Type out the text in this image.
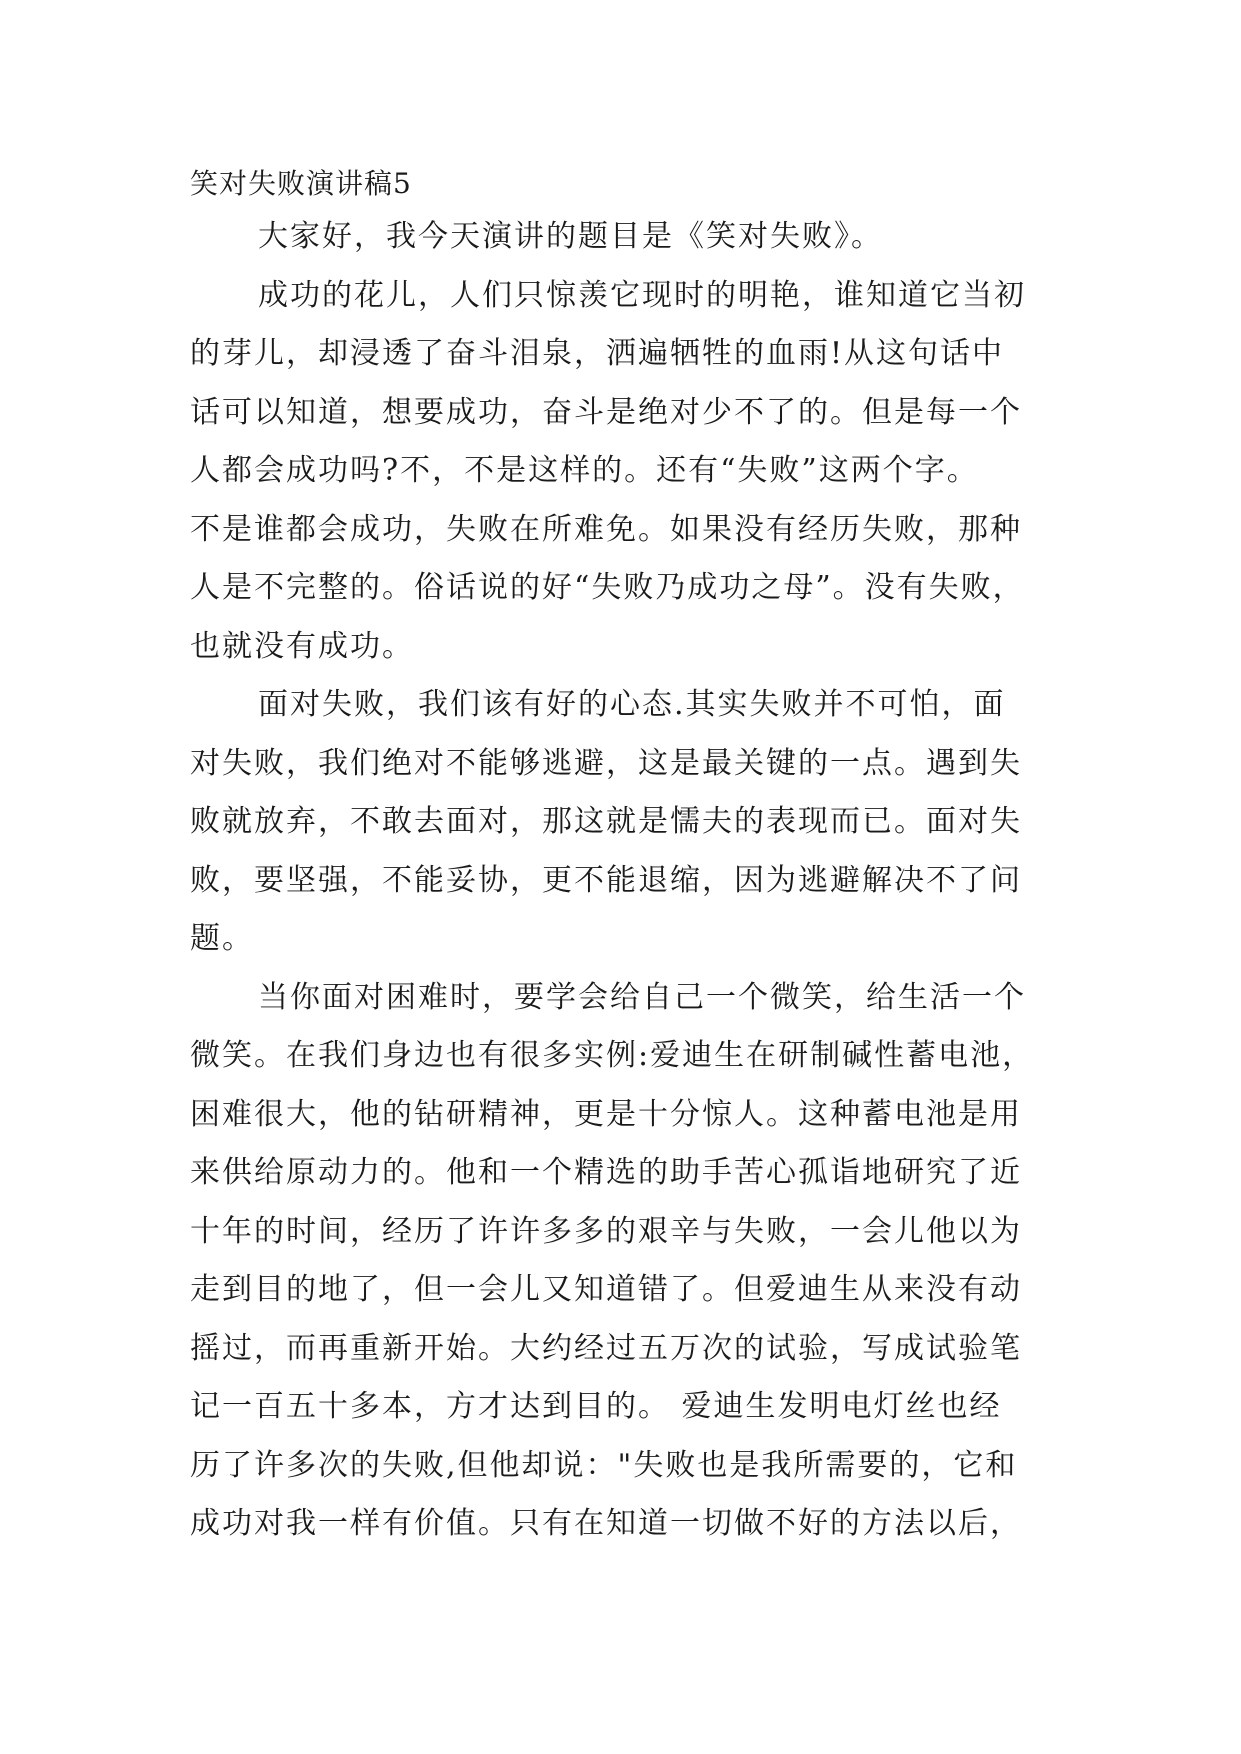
笑对失败演讲稿5

大家好，我今天演讲的题目是《笑对失败》。

成功的花儿，人们只惊羡它现时的明艳，谁知道它当初

的芽儿，却浸透了奋斗泪泉，洒遍牺牲的血雨!从这句话中

话可以知道，想要成功，奋斗是绝对少不了的。但是每一个

人都会成功吗?不，不是这样的。还有“失败”这两个字。

不是谁都会成功，失败在所难免。如果没有经历失败，那种

人是不完整的。俗话说的好“失败乃成功之母”。没有失败，

也就没有成功。

面对失败，我们该有好的心态.其实失败并不可怕，面

对失败，我们绝对不能够逃避，这是最关键的一点。遇到失

败就放弃，不敢去面对，那这就是懦夫的表现而已。面对失

败，要坚强，不能妥协，更不能退缩，因为逃避解决不了问

题。

当你面对困难时，要学会给自己一个微笑，给生活一个

微笑。在我们身边也有很多实例:爱迪生在研制碱性蓄电池，

困难很大，他的钻研精神，更是十分惊人。这种蓄电池是用

来供给原动力的。他和一个精选的助手苦心孤诣地研究了近

十年的时间，经历了许许多多的艰辛与失败，一会儿他以为

走到目的地了，但一会儿又知道错了。但爱迪生从来没有动

摇过，而再重新开始。大约经过五万次的试验，写成试验笔

记一百五十多本，方才达到目的。 爱迪生发明电灯丝也经

历了许多次的失败,但他却说："失败也是我所需要的，它和

成功对我一样有价值。只有在知道一切做不好的方法以后，
